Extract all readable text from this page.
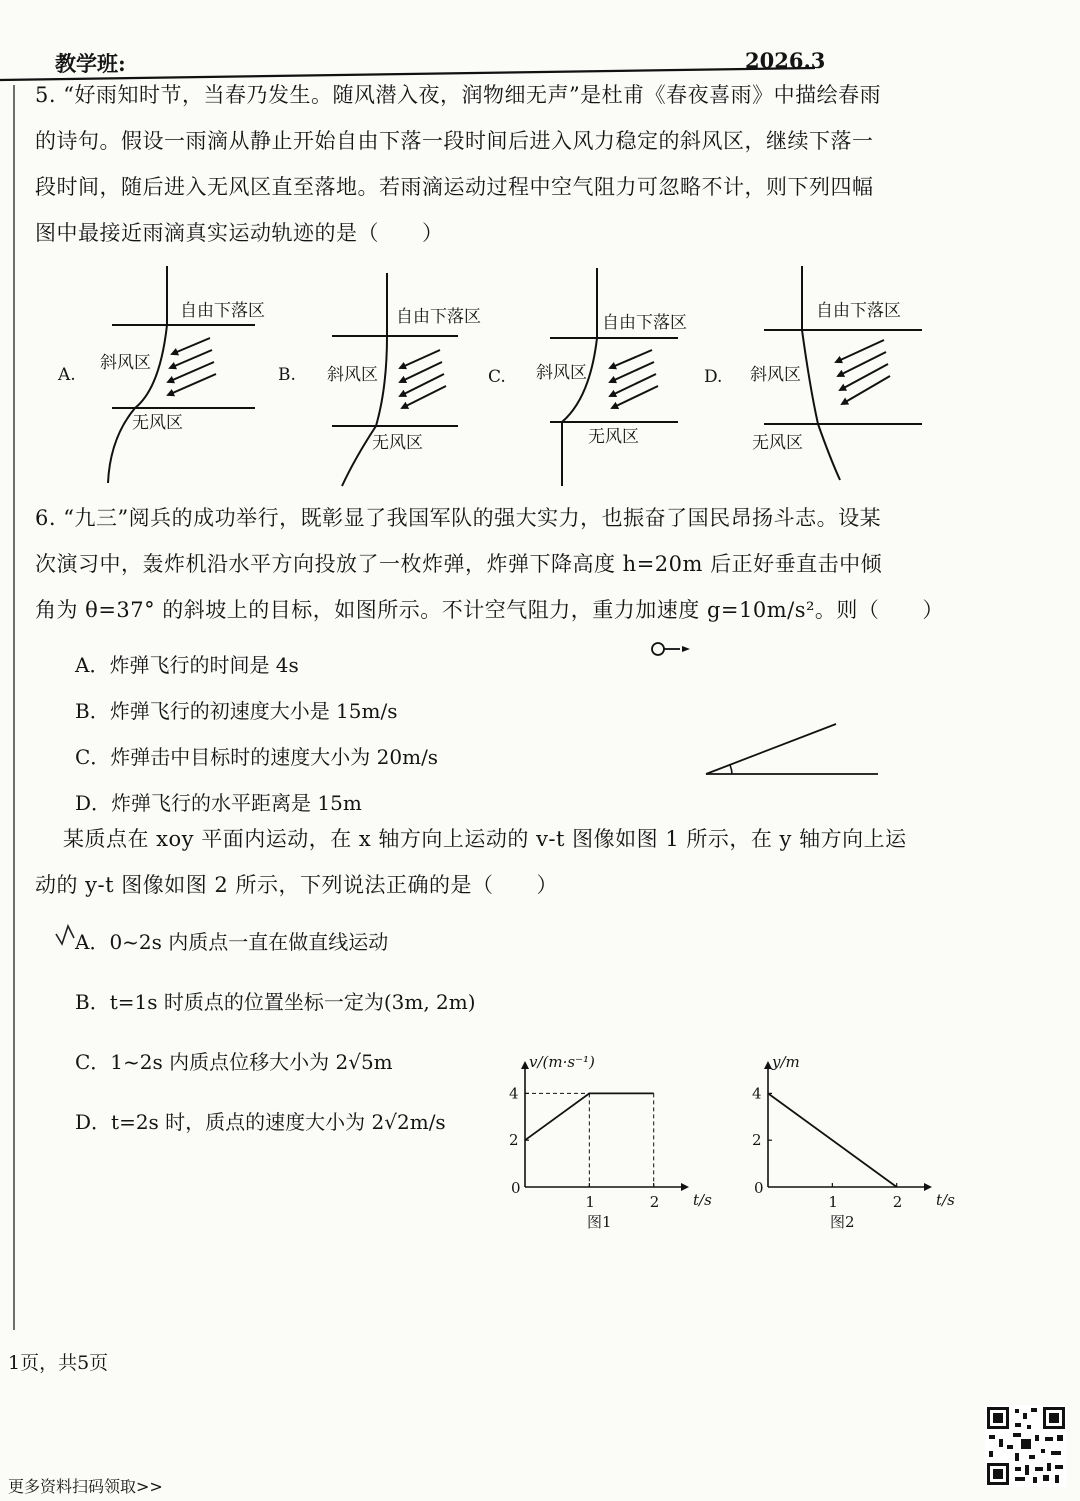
教学班:	2026.3
5. “好雨知时节，当春乃发生。随风潜入夜，润物细无声”是杜甫《春夜喜雨》中描绘春雨
的诗句。假设一雨滴从静止开始自由下落一段时间后进入风力稳定的斜风区，继续下落一
段时间，随后进入无风区直至落地。若雨滴运动过程中空气阻力可忽略不计，则下列四幅
图中最接近雨滴真实运动轨迹的是（　　）
A.
自由下落区
斜风区
无风区
B.
自由下落区
斜风区
无风区
C.
自由下落区
斜风区
无风区
D.
自由下落区
斜风区
无风区
6. “九三”阅兵的成功举行，既彰显了我国军队的强大实力，也振奋了国民昂扬斗志。设某
次演习中，轰炸机沿水平方向投放了一枚炸弹，炸弹下降高度 h=20m 后正好垂直击中倾
角为 θ=37° 的斜坡上的目标，如图所示。不计空气阻力，重力加速度 g=10m/s²。则（　　）
A．炸弹飞行的时间是 4s
B．炸弹飞行的初速度大小是 15m/s
C．炸弹击中目标时的速度大小为 20m/s
D．炸弹飞行的水平距离是 15m
某质点在 xoy 平面内运动，在 x 轴方向上运动的 v-t 图像如图 1 所示，在 y 轴方向上运
动的 y-t 图像如图 2 所示，下列说法正确的是（　　）
A．0~2s 内质点一直在做直线运动
B．t=1s 时质点的位置坐标一定为(3m, 2m)
C．1~2s 内质点位移大小为 2√5m
D．t=2s 时，质点的速度大小为 2√2m/s
t/s
v/(m·s⁻¹)
0
1	2
2
4
图1
t/s
y/m
0
1	2
2
4
图2
1页，共5页
更多资料扫码领取>>
